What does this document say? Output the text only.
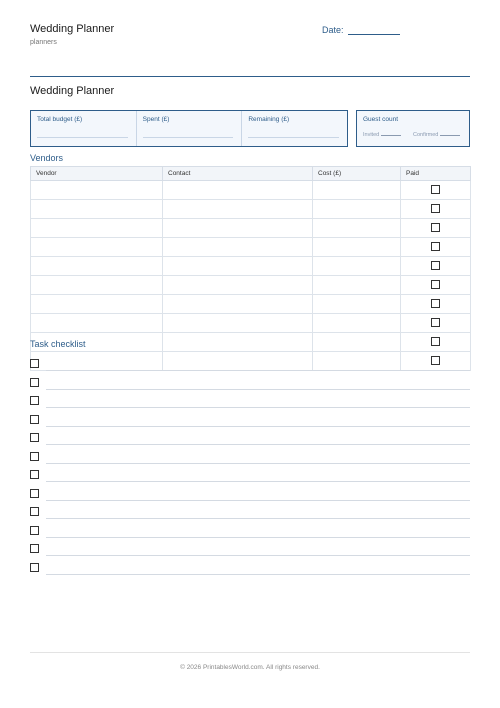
Wedding Planner
planners
Date:
Wedding Planner
Total budget (£)	Spent (£)	Remaining (£)	Guest count
Invited	Confirmed
Vendors
Vendor	Contact	Cost (£)	Paid

Task checklist
© 2026 PrintablesWorld.com. All rights reserved.
